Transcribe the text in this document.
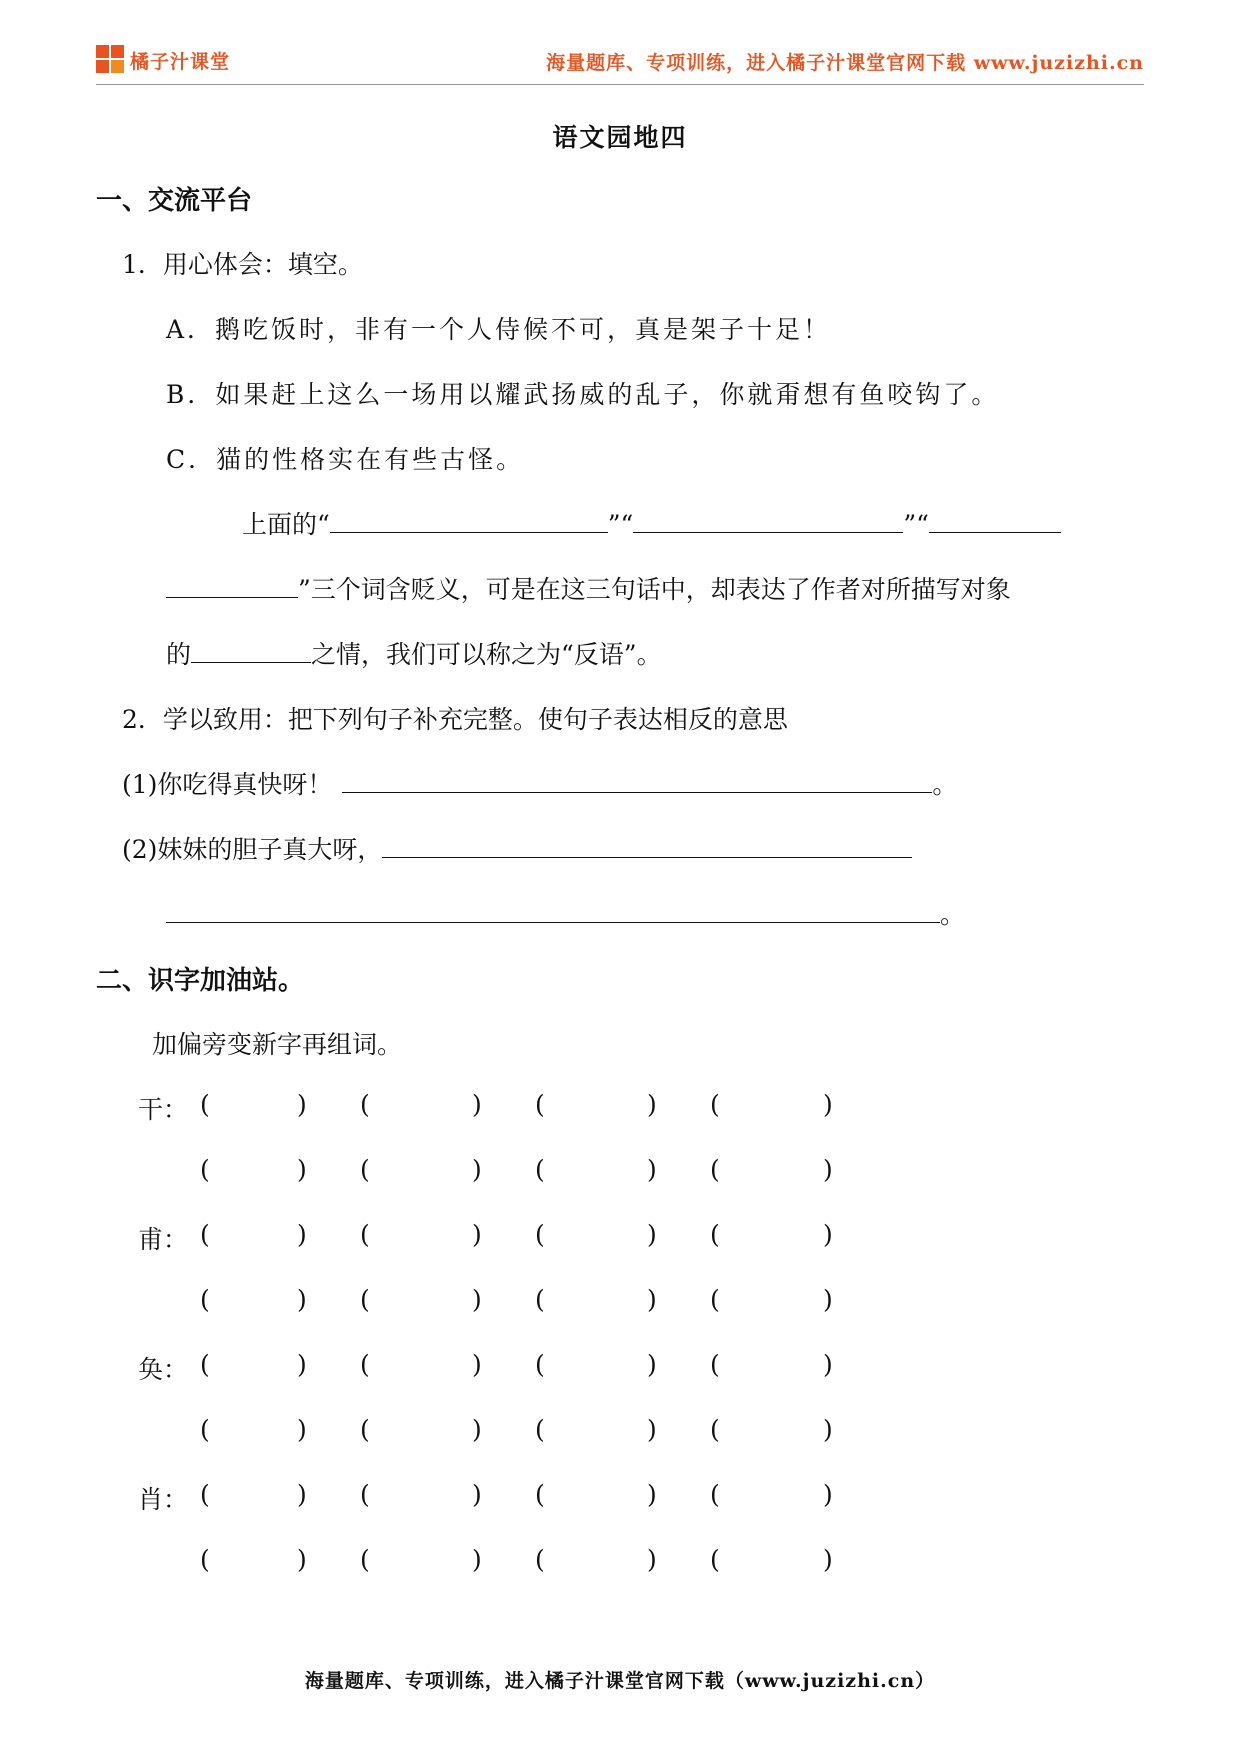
橘子汁课堂	海量题库、专项训练，进入橘子汁课堂官网下载 www.juzizhi.cn
语文园地四
一、交流平台
1．用心体会：填空。
A．鹅吃饭时，非有一个人侍候不可，真是架子十足！
B．如果赶上这么一场用以耀武扬威的乱子，你就甭想有鱼咬钩了。
C．猫的性格实在有些古怪。
上面的“	”“	”“
”三个词含贬义，可是在这三句话中，却表达了作者对所描写对象
的	之情，我们可以称之为“反语”。
2．学以致用：把下列句子补充完整。使句子表达相反的意思
(1)你吃得真快呀！	。
(2)妹妹的胆子真大呀，
。
二、识字加油站。
加偏旁变新字再组词。
干： (	) (	) (	) (	)
(	) (	) (	) (	)
甫： (	) (	) (	) (	)
(	) (	) (	) (	)
奂： (	) (	) (	) (	)
(	) (	) (	) (	)
肖： (	) (	) (	) (	)
(	) (	) (	) (	)
海量题库、专项训练，进入橘子汁课堂官网下载（www.juzizhi.cn）
